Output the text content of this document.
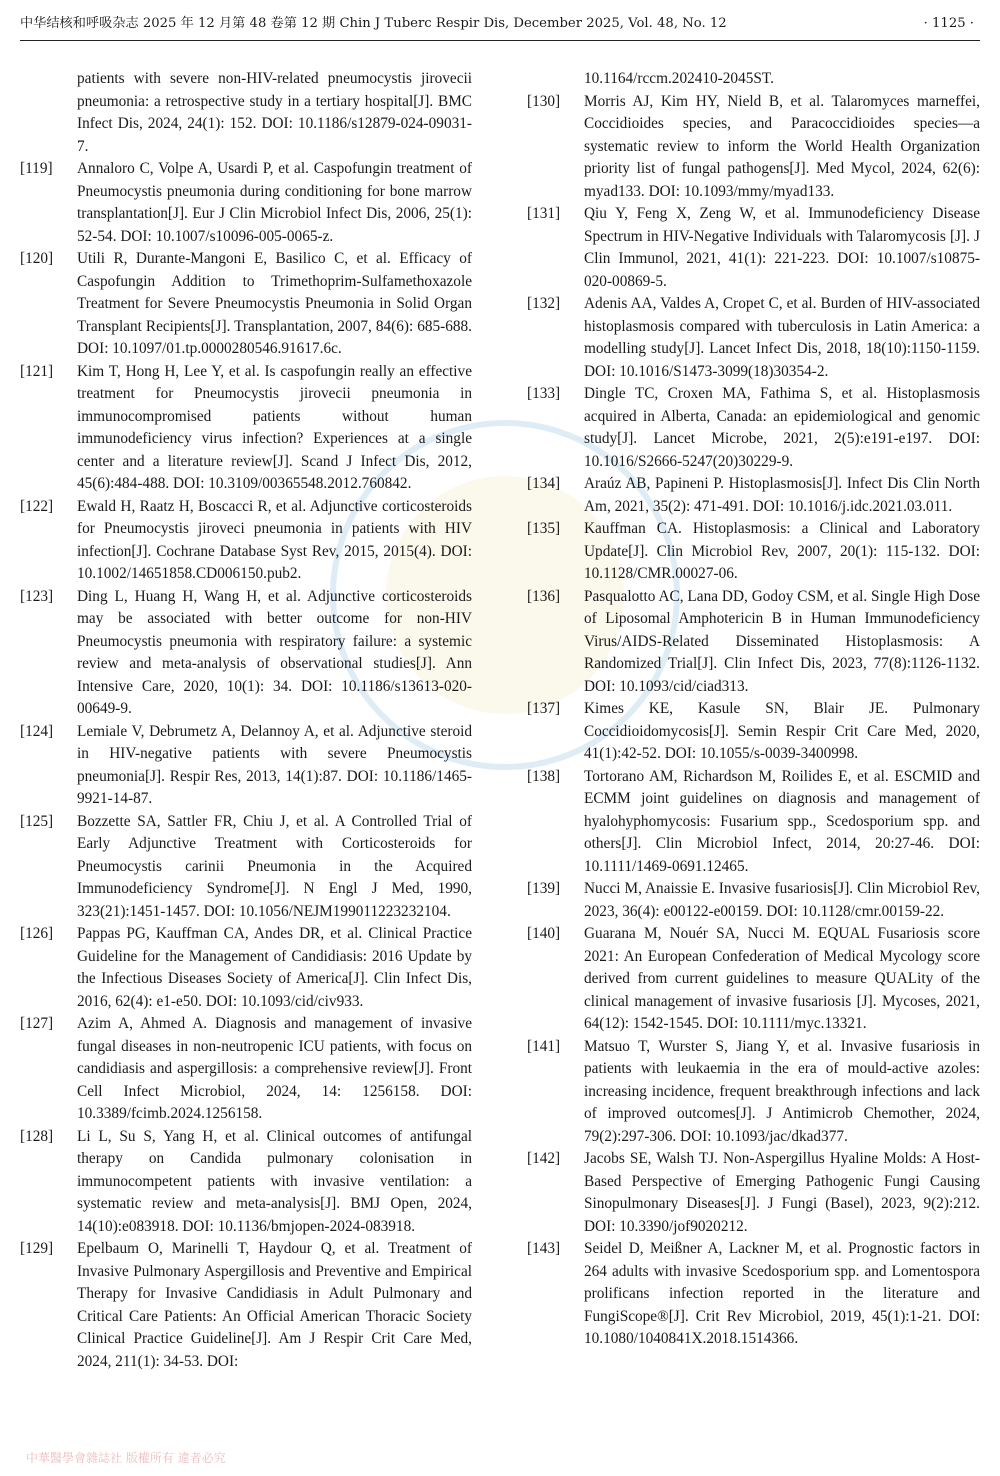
中华结核和呼吸杂志 2025 年 12 月第 48 卷第 12 期 Chin J Tuberc Respir Dis, December 2025, Vol. 48, No. 12	· 1125 ·
patients with severe non-HIV-related pneumocystis jirovecii pneumonia: a retrospective study in a tertiary hospital[J]. BMC Infect Dis, 2024, 24(1): 152. DOI: 10.1186/s12879-024-09031-7.
[119] Annaloro C, Volpe A, Usardi P, et al. Caspofungin treatment of Pneumocystis pneumonia during conditioning for bone marrow transplantation[J]. Eur J Clin Microbiol Infect Dis, 2006, 25(1): 52-54. DOI: 10.1007/s10096-005-0065-z.
[120] Utili R, Durante-Mangoni E, Basilico C, et al. Efficacy of Caspofungin Addition to Trimethoprim-Sulfamethoxazole Treatment for Severe Pneumocystis Pneumonia in Solid Organ Transplant Recipients[J]. Transplantation, 2007, 84(6): 685-688. DOI: 10.1097/01.tp.0000280546.91617.6c.
[121] Kim T, Hong H, Lee Y, et al. Is caspofungin really an effective treatment for Pneumocystis jirovecii pneumonia in immunocompromised patients without human immunodeficiency virus infection? Experiences at a single center and a literature review[J]. Scand J Infect Dis, 2012, 45(6):484-488. DOI: 10.3109/00365548.2012.760842.
[122] Ewald H, Raatz H, Boscacci R, et al. Adjunctive corticosteroids for Pneumocystis jiroveci pneumonia in patients with HIV infection[J]. Cochrane Database Syst Rev, 2015, 2015(4). DOI: 10.1002/14651858.CD006150.pub2.
[123] Ding L, Huang H, Wang H, et al. Adjunctive corticosteroids may be associated with better outcome for non-HIV Pneumocystis pneumonia with respiratory failure: a systemic review and meta-analysis of observational studies[J]. Ann Intensive Care, 2020, 10(1): 34. DOI: 10.1186/s13613-020-00649-9.
[124] Lemiale V, Debrumetz A, Delannoy A, et al. Adjunctive steroid in HIV-negative patients with severe Pneumocystis pneumonia[J]. Respir Res, 2013, 14(1):87. DOI: 10.1186/1465-9921-14-87.
[125] Bozzette SA, Sattler FR, Chiu J, et al. A Controlled Trial of Early Adjunctive Treatment with Corticosteroids for Pneumocystis carinii Pneumonia in the Acquired Immunodeficiency Syndrome[J]. N Engl J Med, 1990, 323(21):1451-1457. DOI: 10.1056/NEJM199011223232104.
[126] Pappas PG, Kauffman CA, Andes DR, et al. Clinical Practice Guideline for the Management of Candidiasis: 2016 Update by the Infectious Diseases Society of America[J]. Clin Infect Dis, 2016, 62(4): e1-e50. DOI: 10.1093/cid/civ933.
[127] Azim A, Ahmed A. Diagnosis and management of invasive fungal diseases in non-neutropenic ICU patients, with focus on candidiasis and aspergillosis: a comprehensive review[J]. Front Cell Infect Microbiol, 2024, 14: 1256158. DOI: 10.3389/fcimb.2024.1256158.
[128] Li L, Su S, Yang H, et al. Clinical outcomes of antifungal therapy on Candida pulmonary colonisation in immunocompetent patients with invasive ventilation: a systematic review and meta-analysis[J]. BMJ Open, 2024, 14(10):e083918. DOI: 10.1136/bmjopen-2024-083918.
[129] Epelbaum O, Marinelli T, Haydour Q, et al. Treatment of Invasive Pulmonary Aspergillosis and Preventive and Empirical Therapy for Invasive Candidiasis in Adult Pulmonary and Critical Care Patients: An Official American Thoracic Society Clinical Practice Guideline[J]. Am J Respir Crit Care Med, 2024, 211(1): 34-53. DOI:
10.1164/rccm.202410-2045ST.
[130] Morris AJ, Kim HY, Nield B, et al. Talaromyces marneffei, Coccidioides species, and Paracoccidioides species—a systematic review to inform the World Health Organization priority list of fungal pathogens[J]. Med Mycol, 2024, 62(6): myad133. DOI: 10.1093/mmy/myad133.
[131] Qiu Y, Feng X, Zeng W, et al. Immunodeficiency Disease Spectrum in HIV-Negative Individuals with Talaromycosis [J]. J Clin Immunol, 2021, 41(1): 221-223. DOI: 10.1007/s10875-020-00869-5.
[132] Adenis AA, Valdes A, Cropet C, et al. Burden of HIV-associated histoplasmosis compared with tuberculosis in Latin America: a modelling study[J]. Lancet Infect Dis, 2018, 18(10):1150-1159. DOI: 10.1016/S1473-3099(18)30354-2.
[133] Dingle TC, Croxen MA, Fathima S, et al. Histoplasmosis acquired in Alberta, Canada: an epidemiological and genomic study[J]. Lancet Microbe, 2021, 2(5):e191-e197. DOI: 10.1016/S2666-5247(20)30229-9.
[134] Araúz AB, Papineni P. Histoplasmosis[J]. Infect Dis Clin North Am, 2021, 35(2): 471-491. DOI: 10.1016/j.idc.2021.03.011.
[135] Kauffman CA. Histoplasmosis: a Clinical and Laboratory Update[J]. Clin Microbiol Rev, 2007, 20(1): 115-132. DOI: 10.1128/CMR.00027-06.
[136] Pasqualotto AC, Lana DD, Godoy CSM, et al. Single High Dose of Liposomal Amphotericin B in Human Immunodeficiency Virus/AIDS-Related Disseminated Histoplasmosis: A Randomized Trial[J]. Clin Infect Dis, 2023, 77(8):1126-1132. DOI: 10.1093/cid/ciad313.
[137] Kimes KE, Kasule SN, Blair JE. Pulmonary Coccidioidomycosis[J]. Semin Respir Crit Care Med, 2020, 41(1):42-52. DOI: 10.1055/s-0039-3400998.
[138] Tortorano AM, Richardson M, Roilides E, et al. ESCMID and ECMM joint guidelines on diagnosis and management of hyalohyphomycosis: Fusarium spp., Scedosporium spp. and others[J]. Clin Microbiol Infect, 2014, 20:27-46. DOI: 10.1111/1469-0691.12465.
[139] Nucci M, Anaissie E. Invasive fusariosis[J]. Clin Microbiol Rev, 2023, 36(4): e00122-e00159. DOI: 10.1128/cmr.00159-22.
[140] Guarana M, Nouér SA, Nucci M. EQUAL Fusariosis score 2021: An European Confederation of Medical Mycology score derived from current guidelines to measure QUALity of the clinical management of invasive fusariosis [J]. Mycoses, 2021, 64(12): 1542-1545. DOI: 10.1111/myc.13321.
[141] Matsuo T, Wurster S, Jiang Y, et al. Invasive fusariosis in patients with leukaemia in the era of mould-active azoles: increasing incidence, frequent breakthrough infections and lack of improved outcomes[J]. J Antimicrob Chemother, 2024, 79(2):297-306. DOI: 10.1093/jac/dkad377.
[142] Jacobs SE, Walsh TJ. Non-Aspergillus Hyaline Molds: A Host-Based Perspective of Emerging Pathogenic Fungi Causing Sinopulmonary Diseases[J]. J Fungi (Basel), 2023, 9(2):212. DOI: 10.3390/jof9020212.
[143] Seidel D, Meißner A, Lackner M, et al. Prognostic factors in 264 adults with invasive Scedosporium spp. and Lomentospora prolificans infection reported in the literature and FungiScope®[J]. Crit Rev Microbiol, 2019, 45(1):1-21. DOI: 10.1080/1040841X.2018.1514366.
中華醫學會雜誌社 版權所有 違者必究
